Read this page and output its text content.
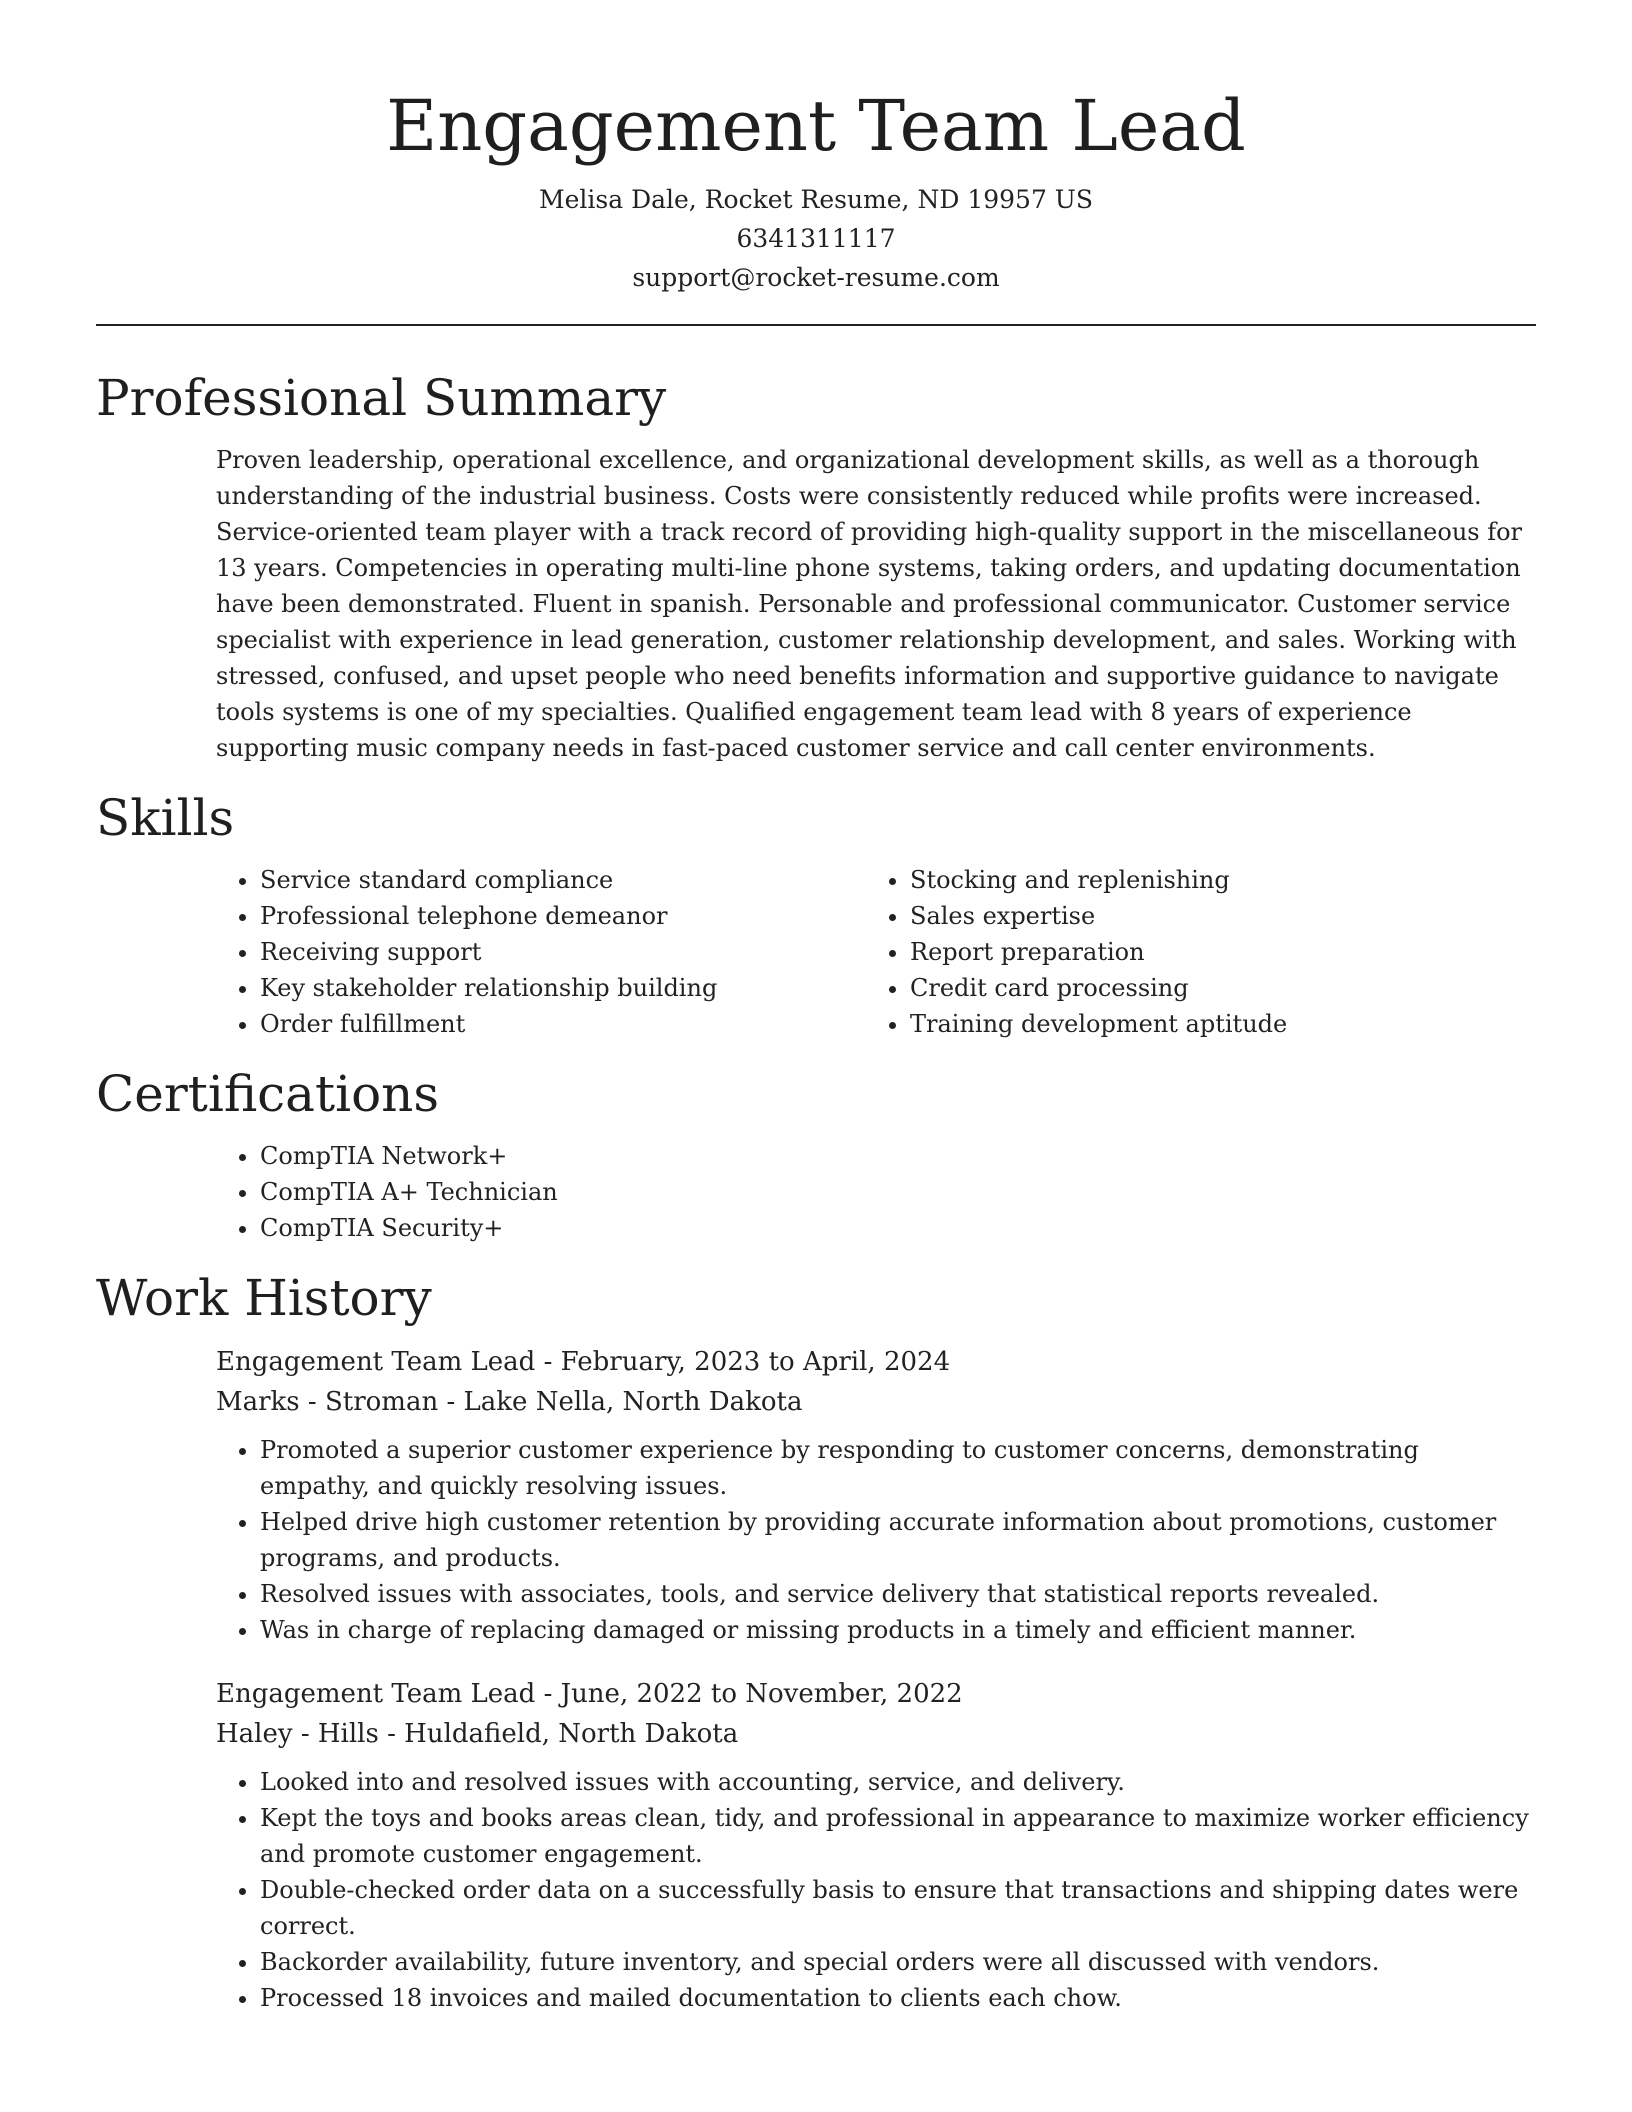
Engagement Team Lead
Melisa Dale, Rocket Resume, ND 19957 US
6341311117
support@rocket-resume.com
Professional Summary

Proven leadership, operational excellence, and organizational development skills, as well as a thorough understanding of the industrial business. Costs were consistently reduced while profits were increased. Service-oriented team player with a track record of providing high-quality support in the miscellaneous for 13 years. Competencies in operating multi-line phone systems, taking orders, and updating documentation have been demonstrated. Fluent in spanish. Personable and professional communicator. Customer service specialist with experience in lead generation, customer relationship development, and sales. Working with stressed, confused, and upset people who need benefits information and supportive guidance to navigate tools systems is one of my specialties. Qualified engagement team lead with 8 years of experience supporting music company needs in fast-paced customer service and call center environments.

Skills
• Service standard compliance
• Professional telephone demeanor
• Receiving support
• Key stakeholder relationship building
• Order fulfillment
• Stocking and replenishing
• Sales expertise
• Report preparation
• Credit card processing
• Training development aptitude
Certifications
• CompTIA Network+
• CompTIA A+ Technician
• CompTIA Security+
Work History
Engagement Team Lead - February, 2023 to April, 2024
Marks - Stroman - Lake Nella, North Dakota
• Promoted a superior customer experience by responding to customer concerns, demonstrating empathy, and quickly resolving issues.
• Helped drive high customer retention by providing accurate information about promotions, customer programs, and products.
• Resolved issues with associates, tools, and service delivery that statistical reports revealed.
• Was in charge of replacing damaged or missing products in a timely and efficient manner.
Engagement Team Lead - June, 2022 to November, 2022
Haley - Hills - Huldafield, North Dakota
• Looked into and resolved issues with accounting, service, and delivery.
• Kept the toys and books areas clean, tidy, and professional in appearance to maximize worker efficiency and promote customer engagement.
• Double-checked order data on a successfully basis to ensure that transactions and shipping dates were correct.
• Backorder availability, future inventory, and special orders were all discussed with vendors.
• Processed 18 invoices and mailed documentation to clients each chow.
